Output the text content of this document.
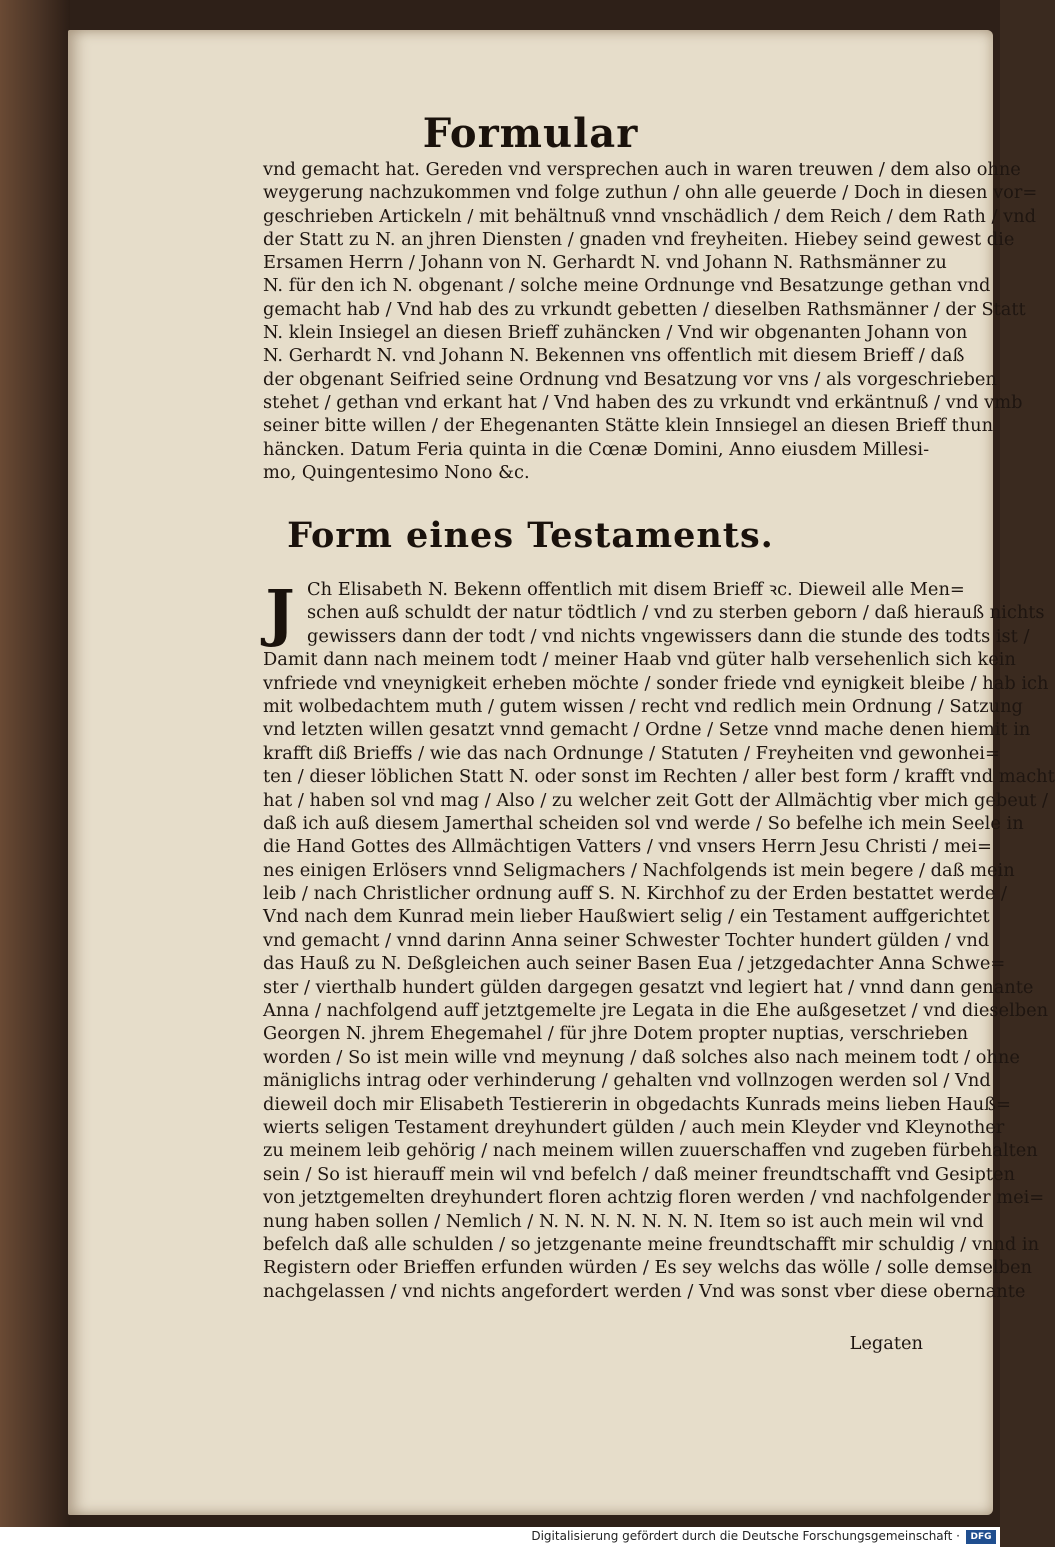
Formular
vnd gemacht hat. Gereden vnd versprechen auch in waren treuwen / dem also ohne
weygerung nachzukommen vnd folge zuthun / ohn alle geuerde / Doch in diesen vor=
geschrieben Artickeln / mit behältnuß vnnd vnschädlich / dem Reich / dem Rath / vnd
der Statt zu N. an jhren Diensten / gnaden vnd freyheiten. Hiebey seind gewest die
Ersamen Herrn / Johann von N. Gerhardt N. vnd Johann N. Rathsmänner zu
N. für den ich N. obgenant / solche meine Ordnunge vnd Besatzunge gethan vnd
gemacht hab / Vnd hab des zu vrkundt gebetten / dieselben Rathsmänner / der Statt
N. klein Insiegel an diesen Brieff zuhäncken / Vnd wir obgenanten Johann von
N. Gerhardt N. vnd Johann N. Bekennen vns offentlich mit diesem Brieff / daß
der obgenant Seifried seine Ordnung vnd Besatzung vor vns / als vorgeschrieben
stehet / gethan vnd erkant hat / Vnd haben des zu vrkundt vnd erkäntnuß / vnd vmb
seiner bitte willen / der Ehegenanten Stätte klein Innsiegel an diesen Brieff thun
häncken. Datum Feria quinta in die Cœnæ Domini, Anno eiusdem Millesi-
mo, Quingentesimo Nono &c.
Form eines Testaments.
J Ch Elisabeth N. Bekenn offentlich mit disem Brieff ꝛc. Dieweil alle Men=
schen auß schuldt der natur tödtlich / vnd zu sterben geborn / daß hierauß nichts
gewissers dann der todt / vnd nichts vngewissers dann die stunde des todts ist /
Damit dann nach meinem todt / meiner Haab vnd güter halb versehenlich sich kein
vnfriede vnd vneynigkeit erheben möchte / sonder friede vnd eynigkeit bleibe / hab ich
mit wolbedachtem muth / gutem wissen / recht vnd redlich mein Ordnung / Satzung
vnd letzten willen gesatzt vnnd gemacht / Ordne / Setze vnnd mache denen hiemit in
krafft diß Brieffs / wie das nach Ordnunge / Statuten / Freyheiten vnd gewonhei=
ten / dieser löblichen Statt N. oder sonst im Rechten / aller best form / krafft vnd macht
hat / haben sol vnd mag / Also / zu welcher zeit Gott der Allmächtig vber mich gebeut /
daß ich auß diesem Jamerthal scheiden sol vnd werde / So befelhe ich mein Seele in
die Hand Gottes des Allmächtigen Vatters / vnd vnsers Herrn Jesu Christi / mei=
nes einigen Erlösers vnnd Seligmachers / Nachfolgends ist mein begere / daß mein
leib / nach Christlicher ordnung auff S. N. Kirchhof zu der Erden bestattet werde /
Vnd nach dem Kunrad mein lieber Haußwiert selig / ein Testament auffgerichtet
vnd gemacht / vnnd darinn Anna seiner Schwester Tochter hundert gülden / vnd
das Hauß zu N. Deßgleichen auch seiner Basen Eua / jetzgedachter Anna Schwe=
ster / vierthalb hundert gülden dargegen gesatzt vnd legiert hat / vnnd dann genante
Anna / nachfolgend auff jetztgemelte jre Legata in die Ehe außgesetzet / vnd dieselben
Georgen N. jhrem Ehegemahel / für jhre Dotem propter nuptias, verschrieben
worden / So ist mein wille vnd meynung / daß solches also nach meinem todt / ohne
mäniglichs intrag oder verhinderung / gehalten vnd vollnzogen werden sol / Vnd
dieweil doch mir Elisabeth Testiererin in obgedachts Kunrads meins lieben Hauß=
wierts seligen Testament dreyhundert gülden / auch mein Kleyder vnd Kleynother
zu meinem leib gehörig / nach meinem willen zuuerschaffen vnd zugeben fürbehalten
sein / So ist hierauff mein wil vnd befelch / daß meiner freundtschafft vnd Gesipten
von jetztgemelten dreyhundert floren achtzig floren werden / vnd nachfolgender mei=
nung haben sollen / Nemlich / N. N. N. N. N. N. N. Item so ist auch mein wil vnd
befelch daß alle schulden / so jetzgenante meine freundtschafft mir schuldig / vnnd in
Registern oder Brieffen erfunden würden / Es sey welchs das wölle / solle demselben
nachgelassen / vnd nichts angefordert werden / Vnd was sonst vber diese obernante
Legaten
Digitalisierung gefördert durch die Deutsche Forschungsgemeinschaft ·	DFG
